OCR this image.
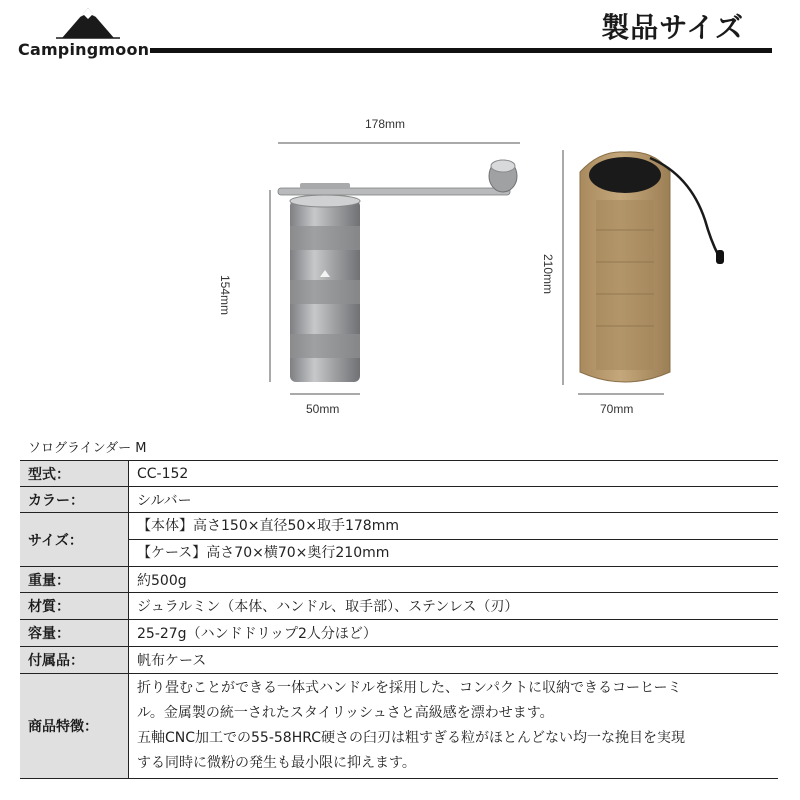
Campingmoon
製品サイズ
178mm
154mm
50mm
210mm
70mm
ソログラインダー M
型式：	CC-152
カラー：	シルバー
サイズ：	【本体】高さ150×直径50×取手178mm
【ケース】高さ70×横70×奥行210mm

重量：	約500g
材質：	ジュラルミン（本体、ハンドル、取手部）、ステンレス（刃）
容量：	25-27g（ハンドドリップ2人分ほど）
付属品：	帆布ケース
商品特徴：	折り畳むことができる一体式ハンドルを採用した、コンパクトに収納できるコーヒーミ
ル。金属製の統一されたスタイリッシュさと高級感を漂わせます。
五軸CNC加工での55-58HRC硬さの臼刃は粗すぎる粒がほとんどない均一な挽目を実現
する同時に微粉の発生も最小限に抑えます。
